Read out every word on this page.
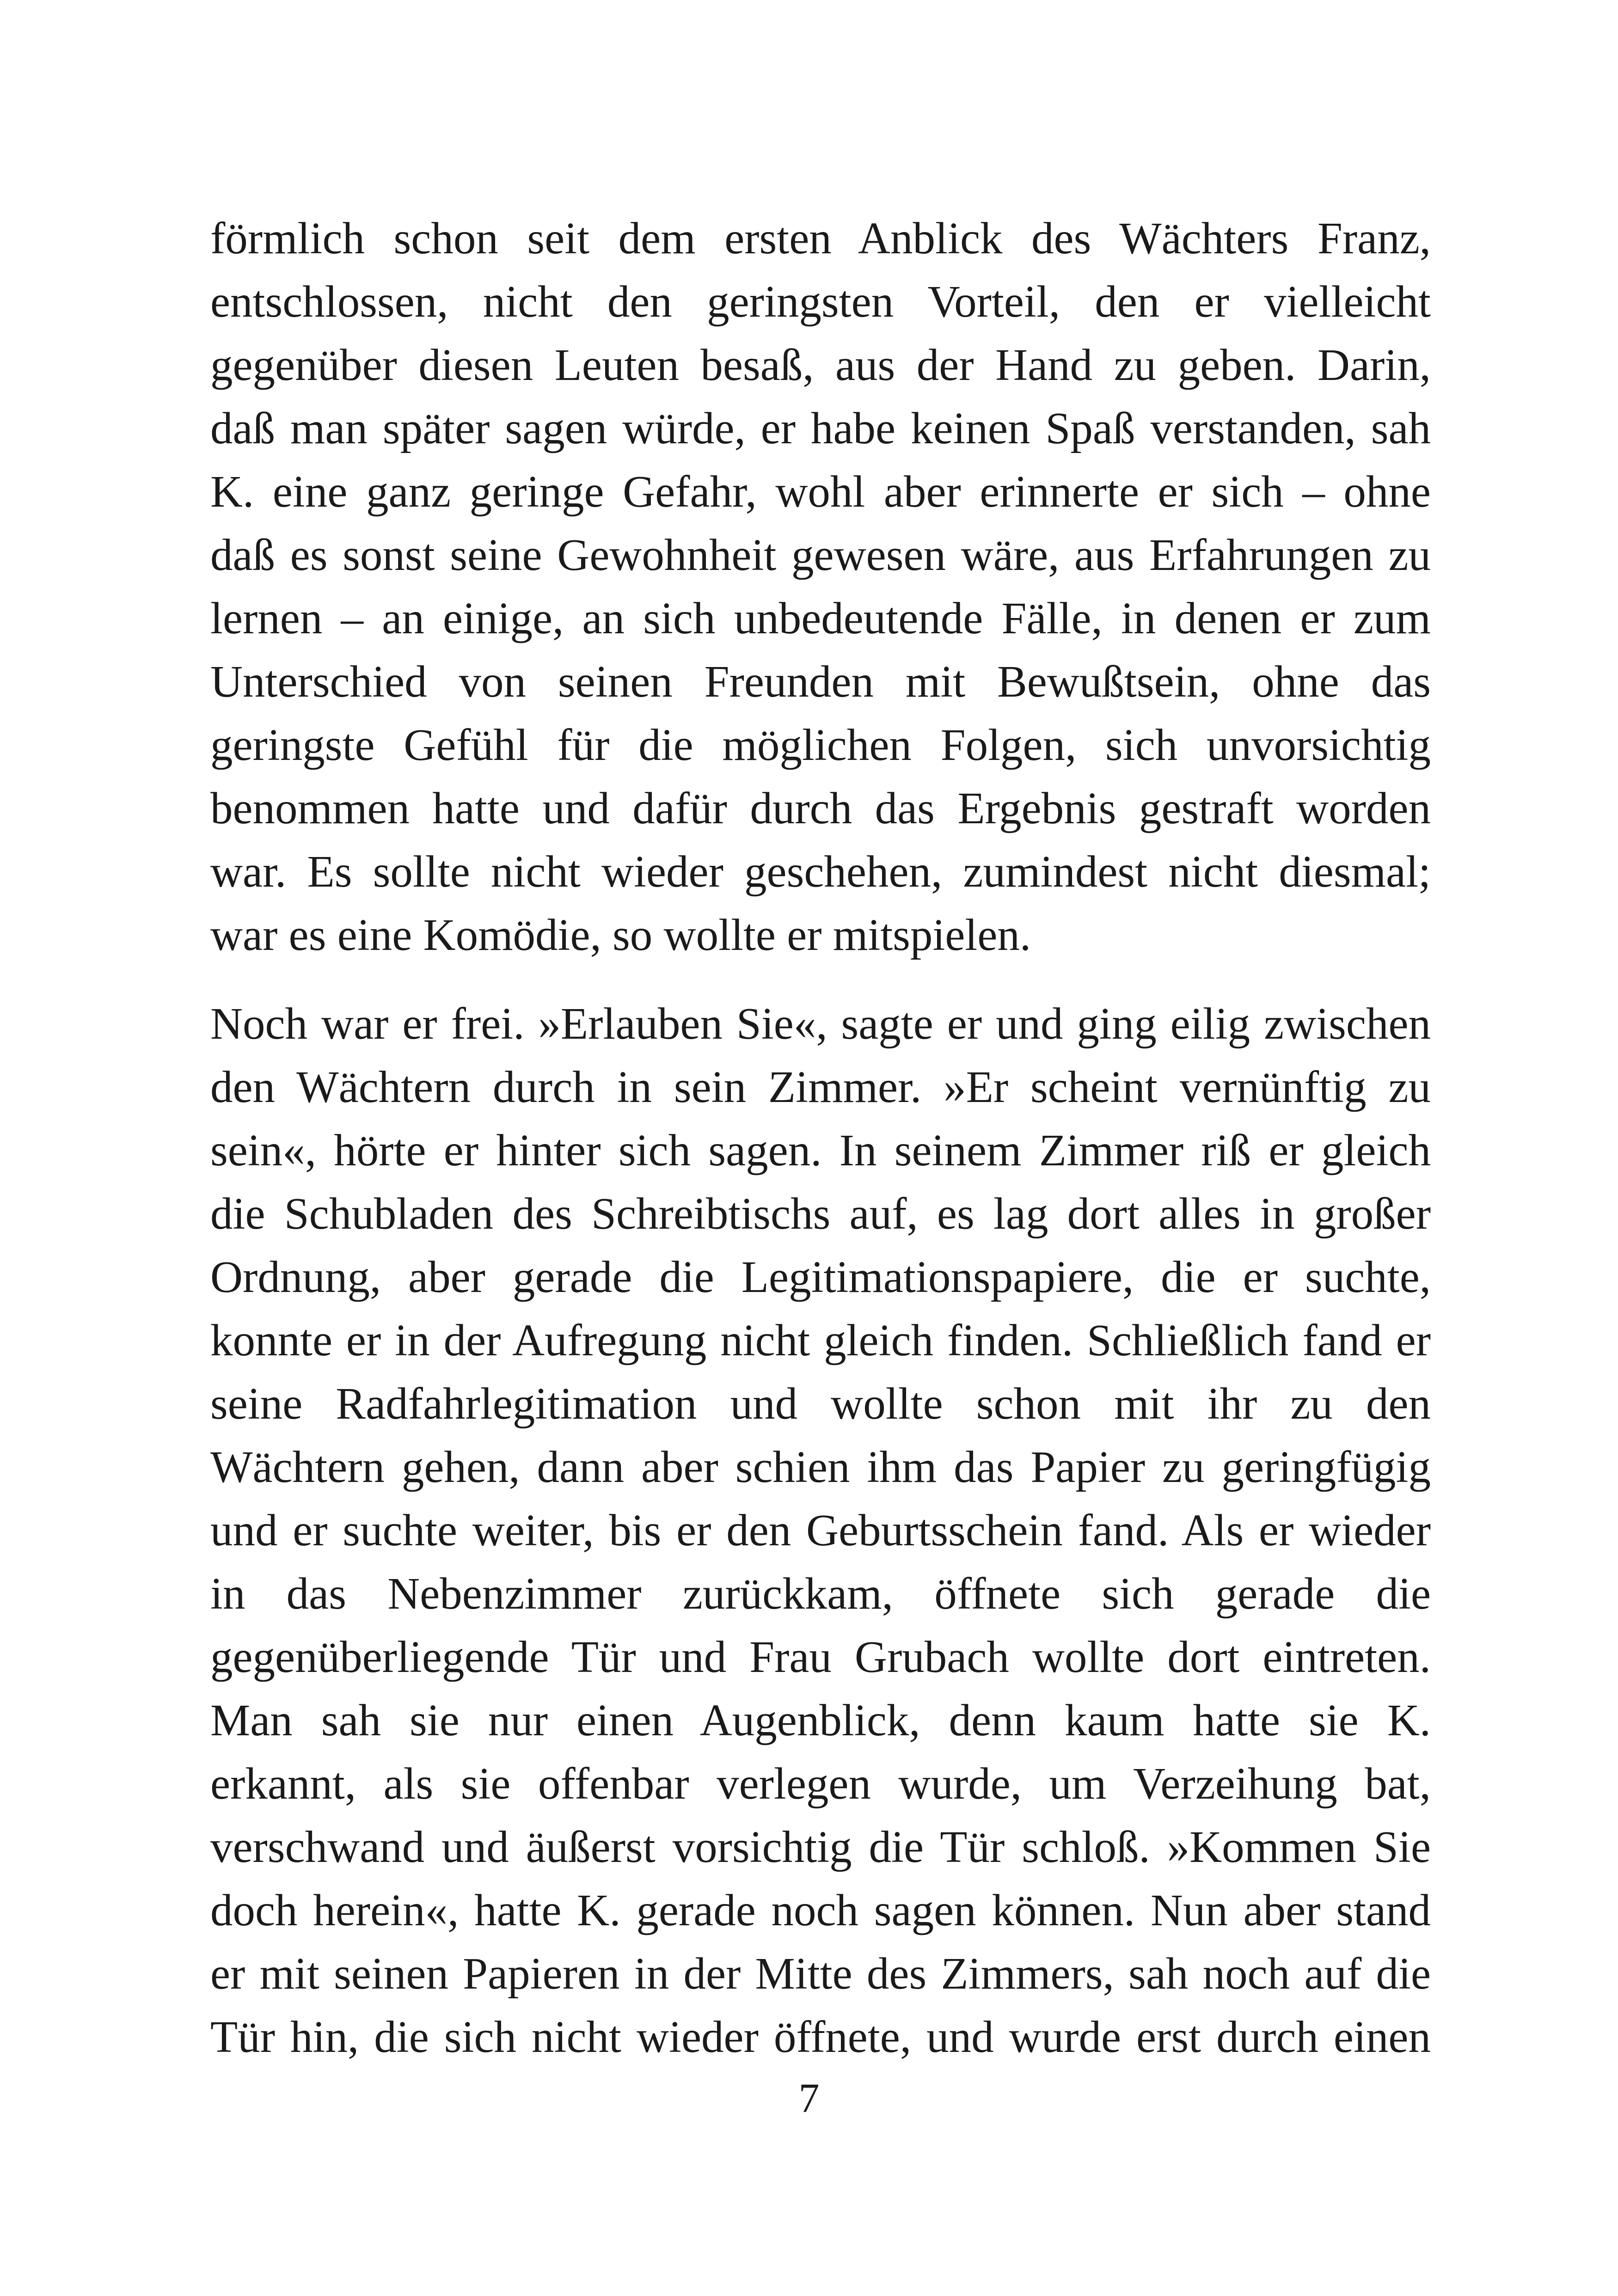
förmlich schon seit dem ersten Anblick des Wächters Franz,
entschlossen, nicht den geringsten Vorteil, den er vielleicht
gegenüber diesen Leuten besaß, aus der Hand zu geben. Darin,
daß man später sagen würde, er habe keinen Spaß verstanden, sah
K. eine ganz geringe Gefahr, wohl aber erinnerte er sich – ohne
daß es sonst seine Gewohnheit gewesen wäre, aus Erfahrungen zu
lernen – an einige, an sich unbedeutende Fälle, in denen er zum
Unterschied von seinen Freunden mit Bewußtsein, ohne das
geringste Gefühl für die möglichen Folgen, sich unvorsichtig
benommen hatte und dafür durch das Ergebnis gestraft worden
war. Es sollte nicht wieder geschehen, zumindest nicht diesmal;
war es eine Komödie, so wollte er mitspielen.
Noch war er frei. »Erlauben Sie«, sagte er und ging eilig zwischen
den Wächtern durch in sein Zimmer. »Er scheint vernünftig zu
sein«, hörte er hinter sich sagen. In seinem Zimmer riß er gleich
die Schubladen des Schreibtischs auf, es lag dort alles in großer
Ordnung, aber gerade die Legitimationspapiere, die er suchte,
konnte er in der Aufregung nicht gleich finden. Schließlich fand er
seine Radfahrlegitimation und wollte schon mit ihr zu den
Wächtern gehen, dann aber schien ihm das Papier zu geringfügig
und er suchte weiter, bis er den Geburtsschein fand. Als er wieder
in das Nebenzimmer zurückkam, öffnete sich gerade die
gegenüberliegende Tür und Frau Grubach wollte dort eintreten.
Man sah sie nur einen Augenblick, denn kaum hatte sie K.
erkannt, als sie offenbar verlegen wurde, um Verzeihung bat,
verschwand und äußerst vorsichtig die Tür schloß. »Kommen Sie
doch herein«, hatte K. gerade noch sagen können. Nun aber stand
er mit seinen Papieren in der Mitte des Zimmers, sah noch auf die
Tür hin, die sich nicht wieder öffnete, und wurde erst durch einen
7
